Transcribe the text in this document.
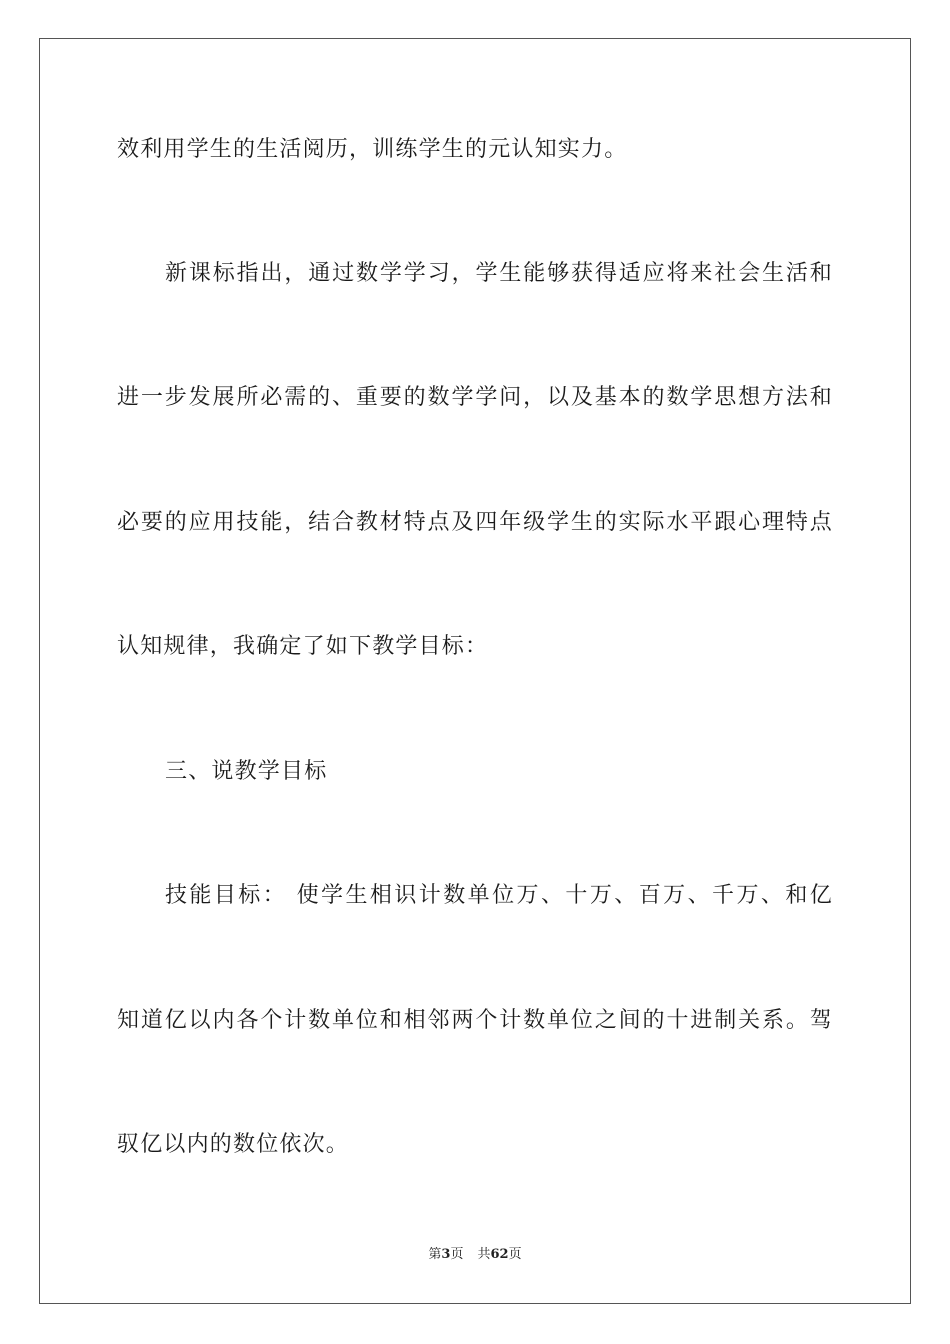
效利用学生的生活阅历，训练学生的元认知实力。
新课标指出，通过数学学习，学生能够获得适应将来社会生活和
进一步发展所必需的、重要的数学学问，以及基本的数学思想方法和
必要的应用技能，结合教材特点及四年级学生的实际水平跟心理特点
认知规律，我确定了如下教学目标：
三、说教学目标
技能目标： 使学生相识计数单位万、十万、百万、千万、和亿
知道亿以内各个计数单位和相邻两个计数单位之间的十进制关系。驾
驭亿以内的数位依次。
第3页 共62页
